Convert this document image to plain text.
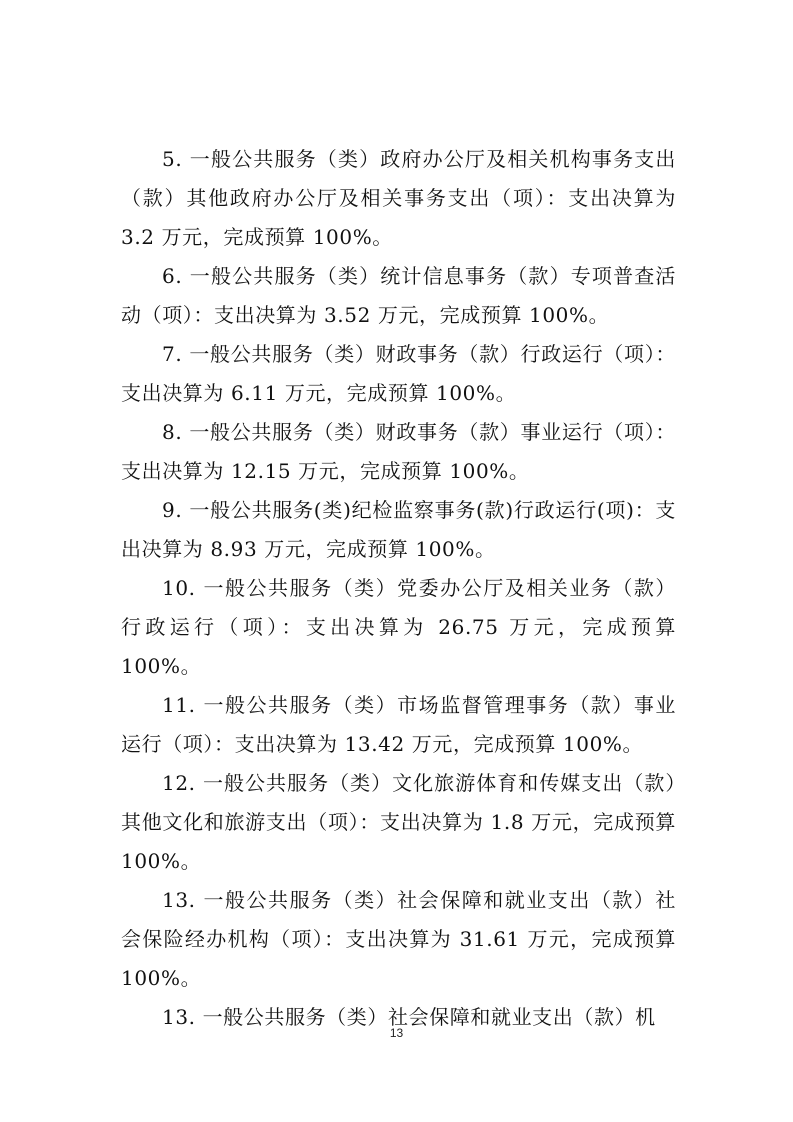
5. 一般公共服务（类）政府办公厅及相关机构事务支出（款）其他政府办公厅及相关事务支出（项）：支出决算为3.2 万元，完成预算 100%。

6. 一般公共服务（类）统计信息事务（款）专项普查活动（项）：支出决算为 3.52 万元，完成预算 100%。

7. 一般公共服务（类）财政事务（款）行政运行（项）：支出决算为 6.11 万元，完成预算 100%。

8. 一般公共服务（类）财政事务（款）事业运行（项）：支出决算为 12.15 万元，完成预算 100%。

9. 一般公共服务(类)纪检监察事务(款)行政运行(项)：支出决算为 8.93 万元，完成预算 100%。

10. 一般公共服务（类）党委办公厅及相关业务（款）行政运行（项）：支出决算为 26.75 万元，完成预算 100%。

11. 一般公共服务（类）市场监督管理事务（款）事业运行（项）：支出决算为 13.42 万元，完成预算 100%。

12. 一般公共服务（类）文化旅游体育和传媒支出（款）其他文化和旅游支出（项）：支出决算为 1.8 万元，完成预算 100%。

13. 一般公共服务（类）社会保障和就业支出（款）社会保险经办机构（项）：支出决算为 31.61 万元，完成预算 100%。

13. 一般公共服务（类）社会保障和就业支出（款）机

13
